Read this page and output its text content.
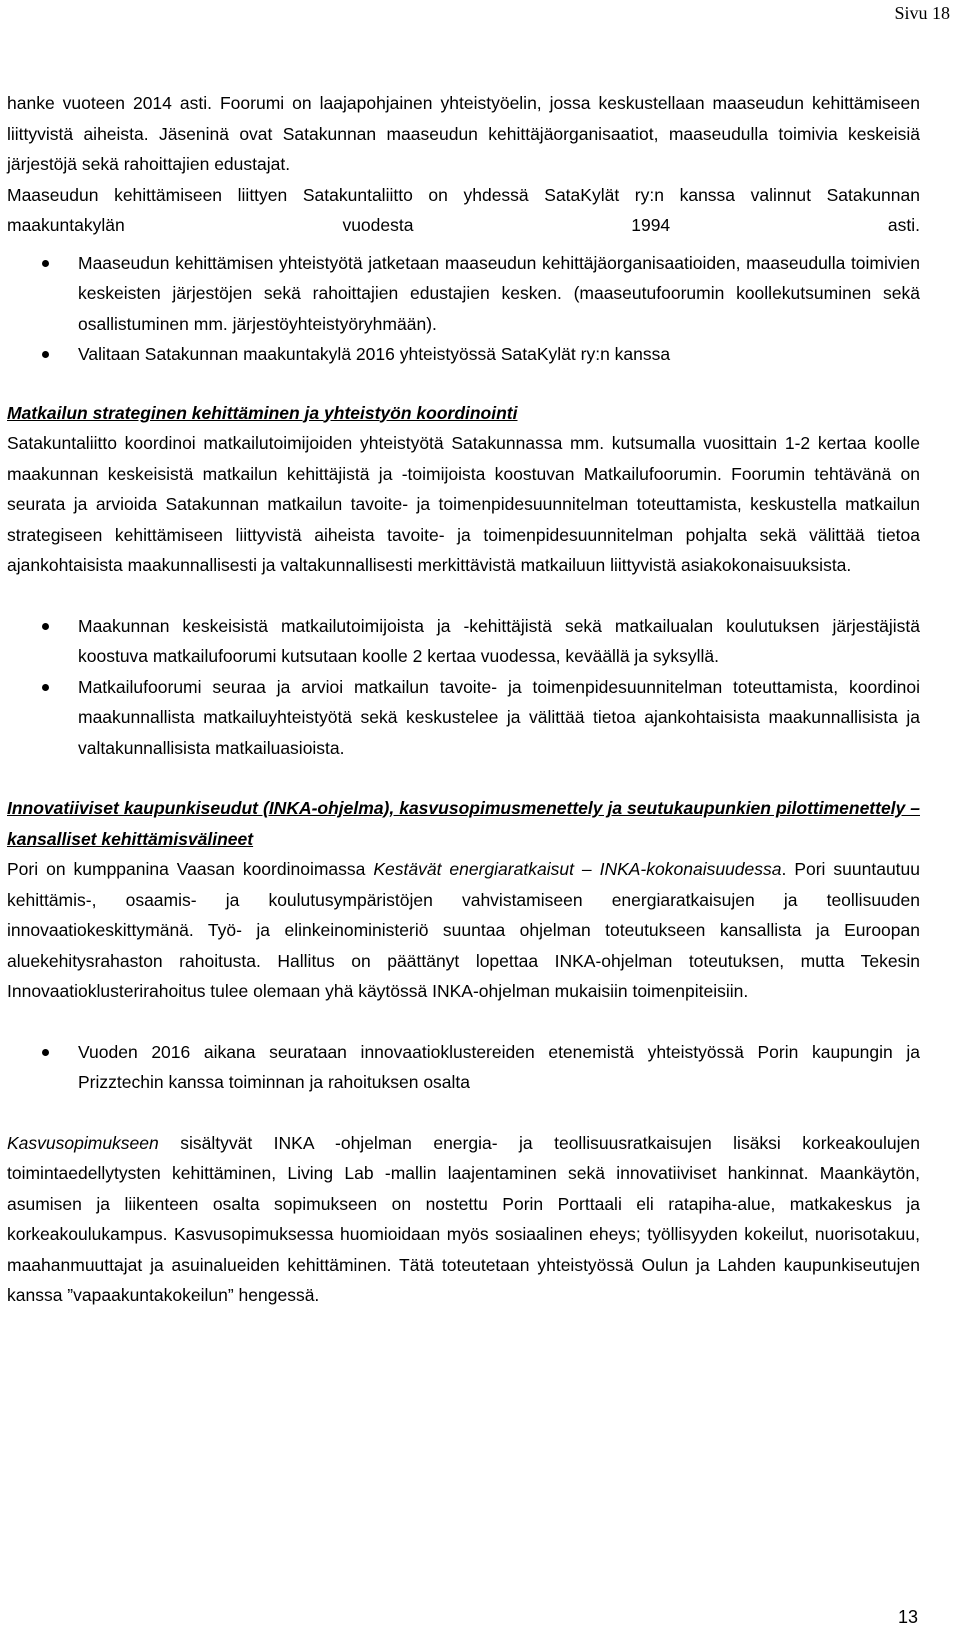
Sivu 18

hanke vuoteen 2014 asti. Foorumi on laajapohjainen yhteistyöelin, jossa keskustellaan maaseudun kehittämiseen liittyvistä aiheista. Jäseninä ovat Satakunnan maaseudun kehittäjäorganisaatiot, maaseudulla toimivia keskeisiä järjestöjä sekä rahoittajien edustajat.

Maaseudun kehittämiseen liittyen Satakuntaliitto on yhdessä SataKylät ry:n kanssa valinnut Satakunnan maakuntakylän vuodesta 1994 asti.

Maaseudun kehittämisen yhteistyötä jatketaan maaseudun kehittäjäorganisaatioiden, maaseudulla toimivien keskeisten järjestöjen sekä rahoittajien edustajien kesken. (maaseutufoorumin koollekutsuminen sekä osallistuminen mm. järjestöyhteistyöryhmään).
Valitaan Satakunnan maakuntakylä 2016 yhteistyössä SataKylät ry:n kanssa

Matkailun strateginen kehittäminen ja yhteistyön koordinointi

Satakuntaliitto koordinoi matkailutoimijoiden yhteistyötä Satakunnassa mm. kutsumalla vuosittain 1-2 kertaa koolle maakunnan keskeisistä matkailun kehittäjistä ja -toimijoista koostuvan Matkailufoorumin. Foorumin tehtävänä on seurata ja arvioida Satakunnan matkailun tavoite- ja toimenpidesuunnitelman toteuttamista, keskustella matkailun strategiseen kehittämiseen liittyvistä aiheista tavoite- ja toimenpidesuunnitelman pohjalta sekä välittää tietoa ajankohtaisista maakunnallisesti ja valtakunnallisesti merkittävistä matkailuun liittyvistä asiakokonaisuuksista.

Maakunnan keskeisistä matkailutoimijoista ja -kehittäjistä sekä matkailualan koulutuksen järjestäjistä koostuva matkailufoorumi kutsutaan koolle 2 kertaa vuodessa, keväällä ja syksyllä.
Matkailufoorumi seuraa ja arvioi matkailun tavoite- ja toimenpidesuunnitelman toteuttamista, koordinoi maakunnallista matkailuyhteistyötä sekä keskustelee ja välittää tietoa ajankohtaisista maakunnallisista ja valtakunnallisista matkailuasioista.

Innovatiiviset kaupunkiseudut (INKA-ohjelma), kasvusopimusmenettely ja seutukaupunkien pilottimenettely – kansalliset kehittämisvälineet

Pori on kumppanina Vaasan koordinoimassa Kestävät energiaratkaisut – INKA-kokonaisuudessa. Pori suuntautuu kehittämis-, osaamis- ja koulutusympäristöjen vahvistamiseen energiaratkaisujen ja teollisuuden innovaatiokeskittymänä. Työ- ja elinkeinoministeriö suuntaa ohjelman toteutukseen kansallista ja Euroopan aluekehitysrahaston rahoitusta. Hallitus on päättänyt lopettaa INKA-ohjelman toteutuksen, mutta Tekesin Innovaatioklusterirahoitus tulee olemaan yhä käytössä INKA-ohjelman mukaisiin toimenpiteisiin.

Vuoden 2016 aikana seurataan innovaatioklustereiden etenemistä yhteistyössä Porin kaupungin ja Prizztechin kanssa toiminnan ja rahoituksen osalta

Kasvusopimukseen sisältyvät INKA -ohjelman energia- ja teollisuusratkaisujen lisäksi korkeakoulujen toimintaedellytysten kehittäminen, Living Lab -mallin laajentaminen sekä innovatiiviset hankinnat. Maankäytön, asumisen ja liikenteen osalta sopimukseen on nostettu Porin Porttaali eli ratapiha-alue, matkakeskus ja korkeakoulukampus. Kasvusopimuksessa huomioidaan myös sosiaalinen eheys; työllisyyden kokeilut, nuorisotakuu, maahanmuuttajat ja asuinalueiden kehittäminen. Tätä toteutetaan yhteistyössä Oulun ja Lahden kaupunkiseutujen kanssa ”vapaakuntakokeilun” hengessä.

13
